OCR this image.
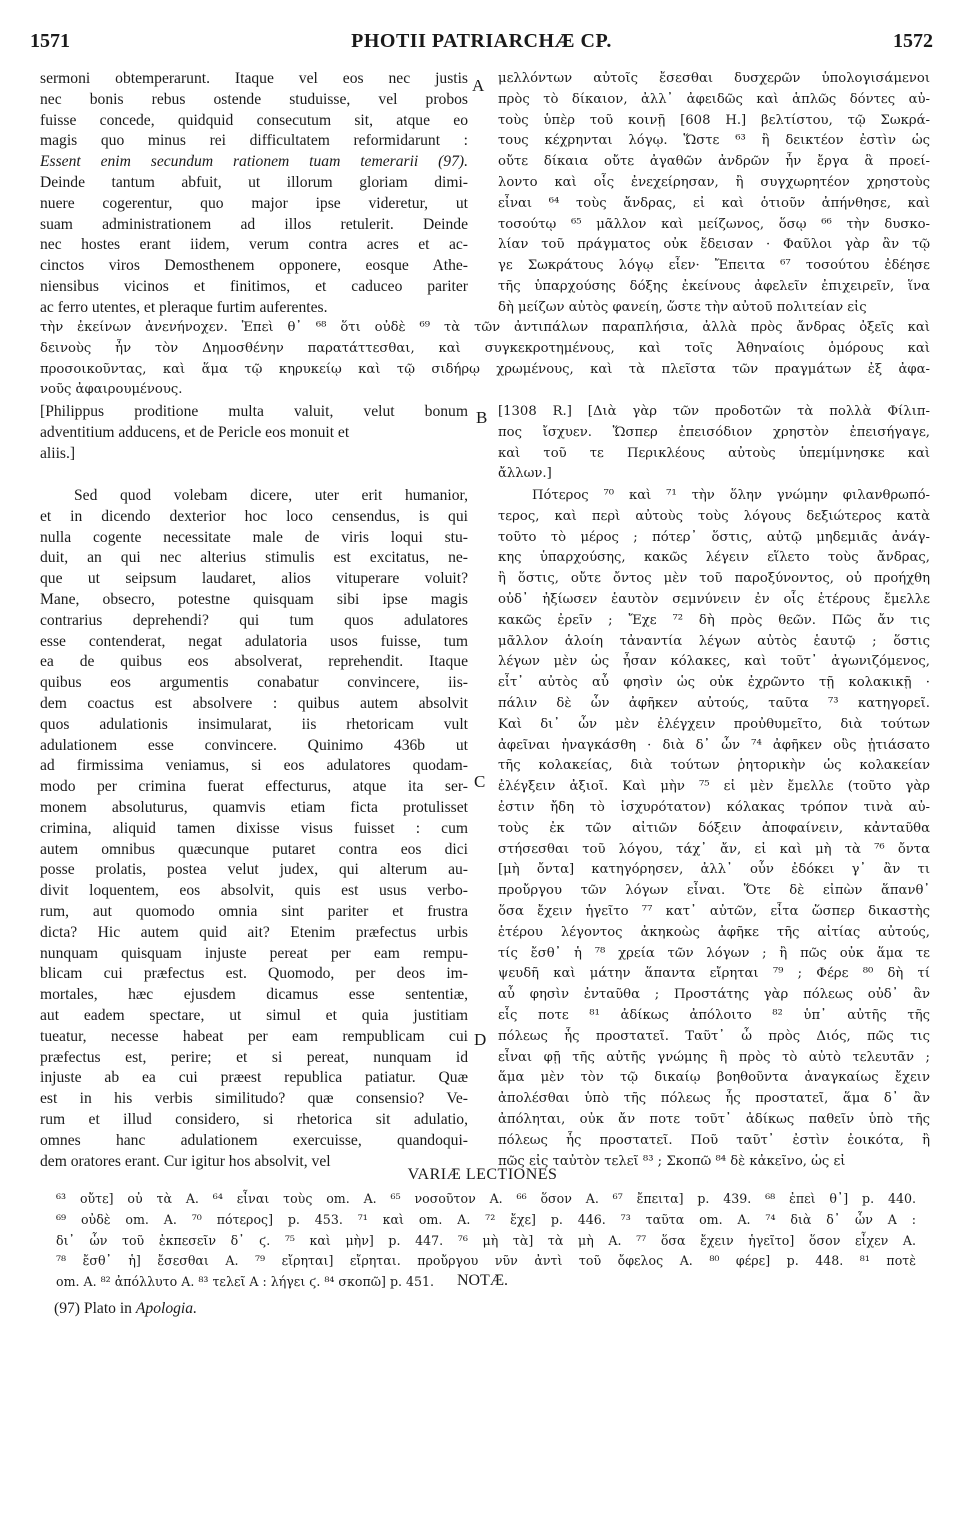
1571	PHOTII PATRIARCHÆ CP.	1572
sermoni obtemperarunt. Itaque vel eos nec justis
nec bonis rebus ostende studuisse, vel probos
fuisse concede, quidquid consecutum sit, atque eo
magis quo minus rei difficultatem reformidarunt :
Essent enim secundum rationem tuam temerarii (97).
Deinde tantum abfuit, ut illorum gloriam dimi-
nuere cogerentur, quo major ipse videretur, ut
suam administrationem ad illos retulerit. Deinde
nec hostes erant iidem, verum contra acres et ac-
cinctos viros Demosthenem opponere, eosque Athe-
niensibus vicinos et finitimos, et caduceo pariter
ac ferro utentes, et pleraque furtim auferentes.
A μελλόντων αὐτοῖς ἔσεσθαι δυσχερῶν ὑπολογισάμενοι
πρὸς τὸ δίκαιον, ἀλλ᾽ ἀφειδῶς καὶ ἁπλῶς δόντες αὐ-
τοὺς ὑπὲρ τοῦ κοινῇ [608 H.] βελτίστου, τῷ Σωκρά-
τους κέχρηνται λόγῳ. Ὥστε ⁶³ ἢ δεικτέον ἐστὶν ὡς
οὔτε δίκαια οὔτε ἀγαθῶν ἀνδρῶν ἦν ἔργα ἃ προεί-
λοντο καὶ οἷς ἐνεχείρησαν, ἢ συγχωρητέον χρηστοὺς
εἶναι ⁶⁴ τοὺς ἄνδρας, εἰ καὶ ὁτιοῦν ἀπήνθησε, καὶ
τοσούτῳ ⁶⁵ μᾶλλον καὶ μείζωνος, ὅσῳ ⁶⁶ τὴν δυσκο-
λίαν τοῦ πράγματος οὐκ ἔδεισαν · Φαῦλοι γὰρ ἂν τῷ
γε Σωκράτους λόγῳ εἶεν· Ἔπειτα ⁶⁷ τοσούτου ἐδέησε
τῆς ὑπαρχούσης δόξης ἐκείνους ἀφελεῖν ἐπιχειρεῖν, ἵνα
δὴ μείζων αὐτὸς φανείη, ὥστε τὴν αὐτοῦ πολιτείαν εἰς
τὴν ἐκείνων ἀνενήνοχεν. Ἐπεὶ θ᾽ ⁶⁸ ὅτι οὐδὲ ⁶⁹ τὰ τῶν ἀντιπάλων παραπλήσια, ἀλλὰ πρὸς ἄνδρας ὀξεῖς καὶ
δεινοὺς ἦν τὸν Δημοσθένην παρατάττεσθαι, καὶ συγκεκροτημένους, καὶ τοῖς Ἀθηναίοις ὁμόρους καὶ
προσοικοῦντας, καὶ ἅμα τῷ κηρυκείῳ καὶ τῷ σιδήρῳ χρωμένους, καὶ τὰ πλεῖστα τῶν πραγμάτων ἐξ ἀφα-
νοῦς ἀφαιρουμένους.
[Philippus proditione multa valuit, velut bonum
adventitium adducens, et de Pericle eos monuit et
aliis.]
B [1308 R.] [Διὰ γὰρ τῶν προδοτῶν τὰ πολλὰ Φίλιπ-
πος ἴσχυεν. Ὥσπερ ἐπεισόδιον χρηστὸν ἐπεισήγαγε,
καὶ τοῦ τε Περικλέους αὐτοὺς ὑπεμίμνησκε καὶ
ἄλλων.]
Sed quod volebam dicere, uter erit humanior,
et in dicendo dexterior hoc loco censendus, is qui
nulla cogente necessitate male de viris loqui stu-
duit, an qui nec alterius stimulis est excitatus, ne-
que ut seipsum laudaret, alios vituperare voluit?
Mane, obsecro, potestne quisquam sibi ipse magis
contrarius deprehendi? qui tum quos adulatores
esse contenderat, negat adulatoria usos fuisse, tum
ea de quibus eos absolverat, reprehendit. Itaque
quibus eos argumentis conabatur convincere, iis-
dem coactus est absolvere : quibus autem absolvit
quos adulationis insimularat, iis rhetoricam vult
adulationem esse convincere. Quinimo 436b ut
ad firmissima veniamus, si eos adulatores quodam-
modo per crimina fuerat effecturus, atque ita ser-
monem absoluturus, quamvis etiam ficta protulisset
crimina, aliquid tamen dixisse visus fuisset : cum
autem omnibus quæcunque putaret contra eos dici
posse prolatis, postea velut judex, qui alterum au-
divit loquentem, eos absolvit, quis est usus verbo-
rum, aut quomodo omnia sint pariter et frustra
dicta? Hic autem quid ait? Etenim præfectus urbis
nunquam quisquam injuste pereat per eam rempu-
blicam cui præfectus est. Quomodo, per deos im-
mortales, hæc ejusdem dicamus esse sententiæ,
aut eadem spectare, ut simul et quia justitiam
tueatur, necesse habeat per eam rempublicam cui
præfectus est, perire; et si pereat, nunquam id
injuste ab ea cui præest republica patiatur. Quæ
est in his verbis similitudo? quæ consensio? Ve-
rum et illud considero, si rhetorica sit adulatio,
omnes hanc adulationem exercuisse, quandoqui-
dem oratores erant. Cur igitur hos absolvit, vel
C
D
Πότερος ⁷⁰ καὶ ⁷¹ τὴν ὅλην γνώμην φιλανθρωπό-
τερος, καὶ περὶ αὐτοὺς τοὺς λόγους δεξιώτερος κατὰ
τοῦτο τὸ μέρος ; πότερ᾽ ὅστις, αὐτῷ μηδεμιᾶς ἀνάγ-
κης ὑπαρχούσης, κακῶς λέγειν εἵλετο τοὺς ἄνδρας,
ἢ ὅστις, οὔτε ὄντος μὲν τοῦ παροξύνοντος, οὐ προήχθη
οὐδ᾽ ἠξίωσεν ἑαυτὸν σεμνύνειν ἐν οἷς ἑτέρους ἔμελλε
κακῶς ἐρεῖν ; Ἔχε ⁷² δὴ πρὸς θεῶν. Πῶς ἄν τις
μᾶλλον ἁλοίη τἀναντία λέγων αὐτὸς ἑαυτῷ ; ὅστις
λέγων μὲν ὡς ἦσαν κόλακες, καὶ τοῦτ᾽ ἀγωνιζόμενος,
εἶτ᾽ αὐτὸς αὖ φησὶν ὡς οὐκ ἐχρῶντο τῇ κολακικῇ ·
πάλιν δὲ ὧν ἀφῆκεν αὐτούς, ταῦτα ⁷³ κατηγορεῖ.
Καὶ δι᾽ ὧν μὲν ἐλέγχειν προὐθυμεῖτο, διὰ τούτων
ἀφεῖναι ἠναγκάσθη · διὰ δ᾽ ὧν ⁷⁴ ἀφῆκεν οὓς ᾐτιάσατο
τῆς κολακείας, διὰ τούτων ῥητορικὴν ὡς κολακείαν
ἐλέγξειν ἀξιοῖ. Καὶ μὴν ⁷⁵ εἰ μὲν ἔμελλε (τοῦτο γὰρ
ἐστιν ἤδη τὸ ἰσχυρότατον) κόλακας τρόπον τινὰ αὐ-
τοὺς ἐκ τῶν αἰτιῶν δόξειν ἀποφαίνειν, κἀνταῦθα
στήσεσθαι τοῦ λόγου, τάχ᾽ ἄν, εἰ καὶ μὴ τὰ ⁷⁶ ὄντα
[μὴ ὄντα] κατηγόρησεν, ἀλλ᾽ οὖν ἐδόκει γ᾽ ἂν τι
προὔργου τῶν λόγων εἶναι. Ὅτε δὲ εἰπὼν ἅπανθ᾽
ὅσα ἔχειν ἡγεῖτο ⁷⁷ κατ᾽ αὐτῶν, εἶτα ὥσπερ δικαστὴς
ἑτέρου λέγοντος ἀκηκοὼς ἀφῆκε τῆς αἰτίας αὐτούς,
τίς ἔσθ᾽ ἡ ⁷⁸ χρεία τῶν λόγων ; ἢ πῶς οὐκ ἅμα τε
ψευδῆ καὶ μάτην ἅπαντα εἴρηται ⁷⁹ ; Φέρε ⁸⁰ δὴ τί
αὖ φησὶν ἐνταῦθα ; Προστάτης γὰρ πόλεως οὐδ᾽ ἂν
εἷς ποτε ⁸¹ ἀδίκως ἀπόλοιτο ⁸² ὑπ᾽ αὐτῆς τῆς
πόλεως ἧς προστατεῖ. Ταῦτ᾽ ὦ πρὸς Διός, πῶς τις
εἶναι φῇ τῆς αὐτῆς γνώμης ἢ πρὸς τὸ αὐτὸ τελευτᾶν ;
ἅμα μὲν τὸν τῷ δικαίῳ βοηθοῦντα ἀναγκαίως ἔχειν
ἀπολέσθαι ὑπὸ τῆς πόλεως ἧς προστατεῖ, ἅμα δ᾽ ἂν
ἀπόληται, οὐκ ἄν ποτε τοῦτ᾽ ἀδίκως παθεῖν ὑπὸ τῆς
πόλεως ἧς προστατεῖ. Ποῦ ταῦτ᾽ ἐστὶν ἐοικότα, ἢ
πῶς εἰς ταὐτὸν τελεῖ ⁸³ ; Σκοπῶ ⁸⁴ δὲ κἀκεῖνο, ὡς εἰ
VARIÆ LECTIONES
⁶³ οὔτε] οὐ τὰ A. ⁶⁴ εἶναι τοὺς om. A. ⁶⁵ νοσοῦτον A. ⁶⁶ ὅσον A. ⁶⁷ ἔπειτα] p. 439. ⁶⁸ ἐπεὶ θ᾽] p. 440.
⁶⁹ οὐδὲ om. A. ⁷⁰ πότερος] p. 453. ⁷¹ καὶ om. A. ⁷² ἔχε] p. 446. ⁷³ ταῦτα om. A. ⁷⁴ διὰ δ᾽ ὧν A :
δι᾽ ὧν τοῦ ἐκπεσεῖν δ᾽ ϛ. ⁷⁵ καὶ μὴν] p. 447. ⁷⁶ μὴ τὰ] τὰ μὴ A. ⁷⁷ ὅσα ἔχειν ἡγεῖτο] ὅσον εἶχεν A.
⁷⁸ ἔσθ᾽ ἡ] ἔσεσθαι A. ⁷⁹ εἴρηται] εἴρηται. προὔργου νῦν ἀντὶ τοῦ ὄφελος A. ⁸⁰ φέρε] p. 448. ⁸¹ ποτὲ
om. A. ⁸² ἀπόλλυτο A. ⁸³ τελεῖ A : λήγει ϛ. ⁸⁴ σκοπῶ] p. 451.	NOTÆ.
(97) Plato in Apologia.
